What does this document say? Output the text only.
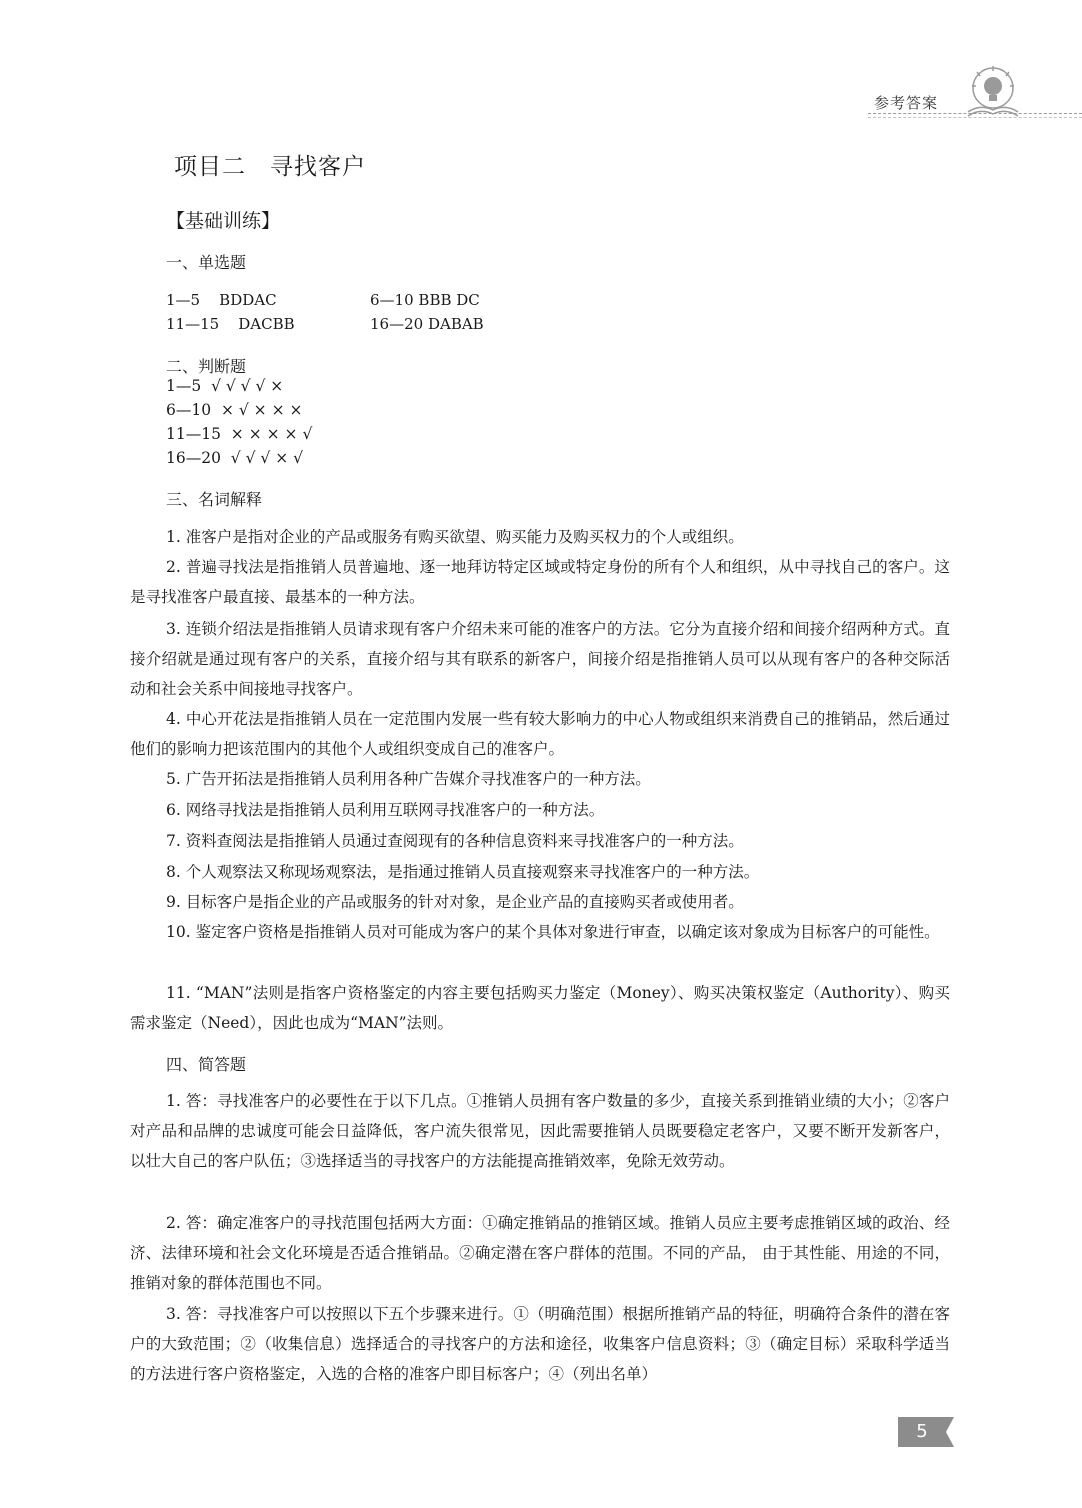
参考答案
项目二　寻找客户
【基础训练】
一、单选题
1—5 BDDAC	6—10 BBB DC
11—15 DACBB	16—20 DABAB
二、判断题
1—5  √ √ √ √ ×
6—10  × √ × × ×
11—15  × × × × √
16—20  √ √ √ × √
三、名词解释

1. 准客户是指对企业的产品或服务有购买欲望、购买能力及购买权力的个人或组织。

2. 普遍寻找法是指推销人员普遍地、逐一地拜访特定区域或特定身份的所有个人和组织，从中寻找自己的客户。这是寻找准客户最直接、最基本的一种方法。

3. 连锁介绍法是指推销人员请求现有客户介绍未来可能的准客户的方法。它分为直接介绍和间接介绍两种方式。直接介绍就是通过现有客户的关系，直接介绍与其有联系的新客户，间接介绍是指推销人员可以从现有客户的各种交际活动和社会关系中间接地寻找客户。

4. 中心开花法是指推销人员在一定范围内发展一些有较大影响力的中心人物或组织来消费自己的推销品，然后通过他们的影响力把该范围内的其他个人或组织变成自己的准客户。

5. 广告开拓法是指推销人员利用各种广告媒介寻找准客户的一种方法。

6. 网络寻找法是指推销人员利用互联网寻找准客户的一种方法。

7. 资料查阅法是指推销人员通过查阅现有的各种信息资料来寻找准客户的一种方法。

8. 个人观察法又称现场观察法，是指通过推销人员直接观察来寻找准客户的一种方法。

9. 目标客户是指企业的产品或服务的针对对象，是企业产品的直接购买者或使用者。

10. 鉴定客户资格是指推销人员对可能成为客户的某个具体对象进行审查，以确定该对象成为目标客户的可能性。

11. “MAN”法则是指客户资格鉴定的内容主要包括购买力鉴定（Money）、购买决策权鉴定（Authority）、购买需求鉴定（Need），因此也成为“MAN”法则。

四、简答题

1. 答：寻找准客户的必要性在于以下几点。①推销人员拥有客户数量的多少，直接关系到推销业绩的大小；②客户对产品和品牌的忠诚度可能会日益降低，客户流失很常见，因此需要推销人员既要稳定老客户，又要不断开发新客户，以壮大自己的客户队伍；③选择适当的寻找客户的方法能提高推销效率，免除无效劳动。

2. 答：确定准客户的寻找范围包括两大方面：①确定推销品的推销区域。推销人员应主要考虑推销区域的政治、经济、法律环境和社会文化环境是否适合推销品。②确定潜在客户群体的范围。不同的产品， 由于其性能、用途的不同，推销对象的群体范围也不同。

3. 答：寻找准客户可以按照以下五个步骤来进行。①（明确范围）根据所推销产品的特征，明确符合条件的潜在客户的大致范围；②（收集信息）选择适合的寻找客户的方法和途径，收集客户信息资料；③（确定目标）采取科学适当的方法进行客户资格鉴定，入选的合格的准客户即目标客户；④（列出名单）

5
